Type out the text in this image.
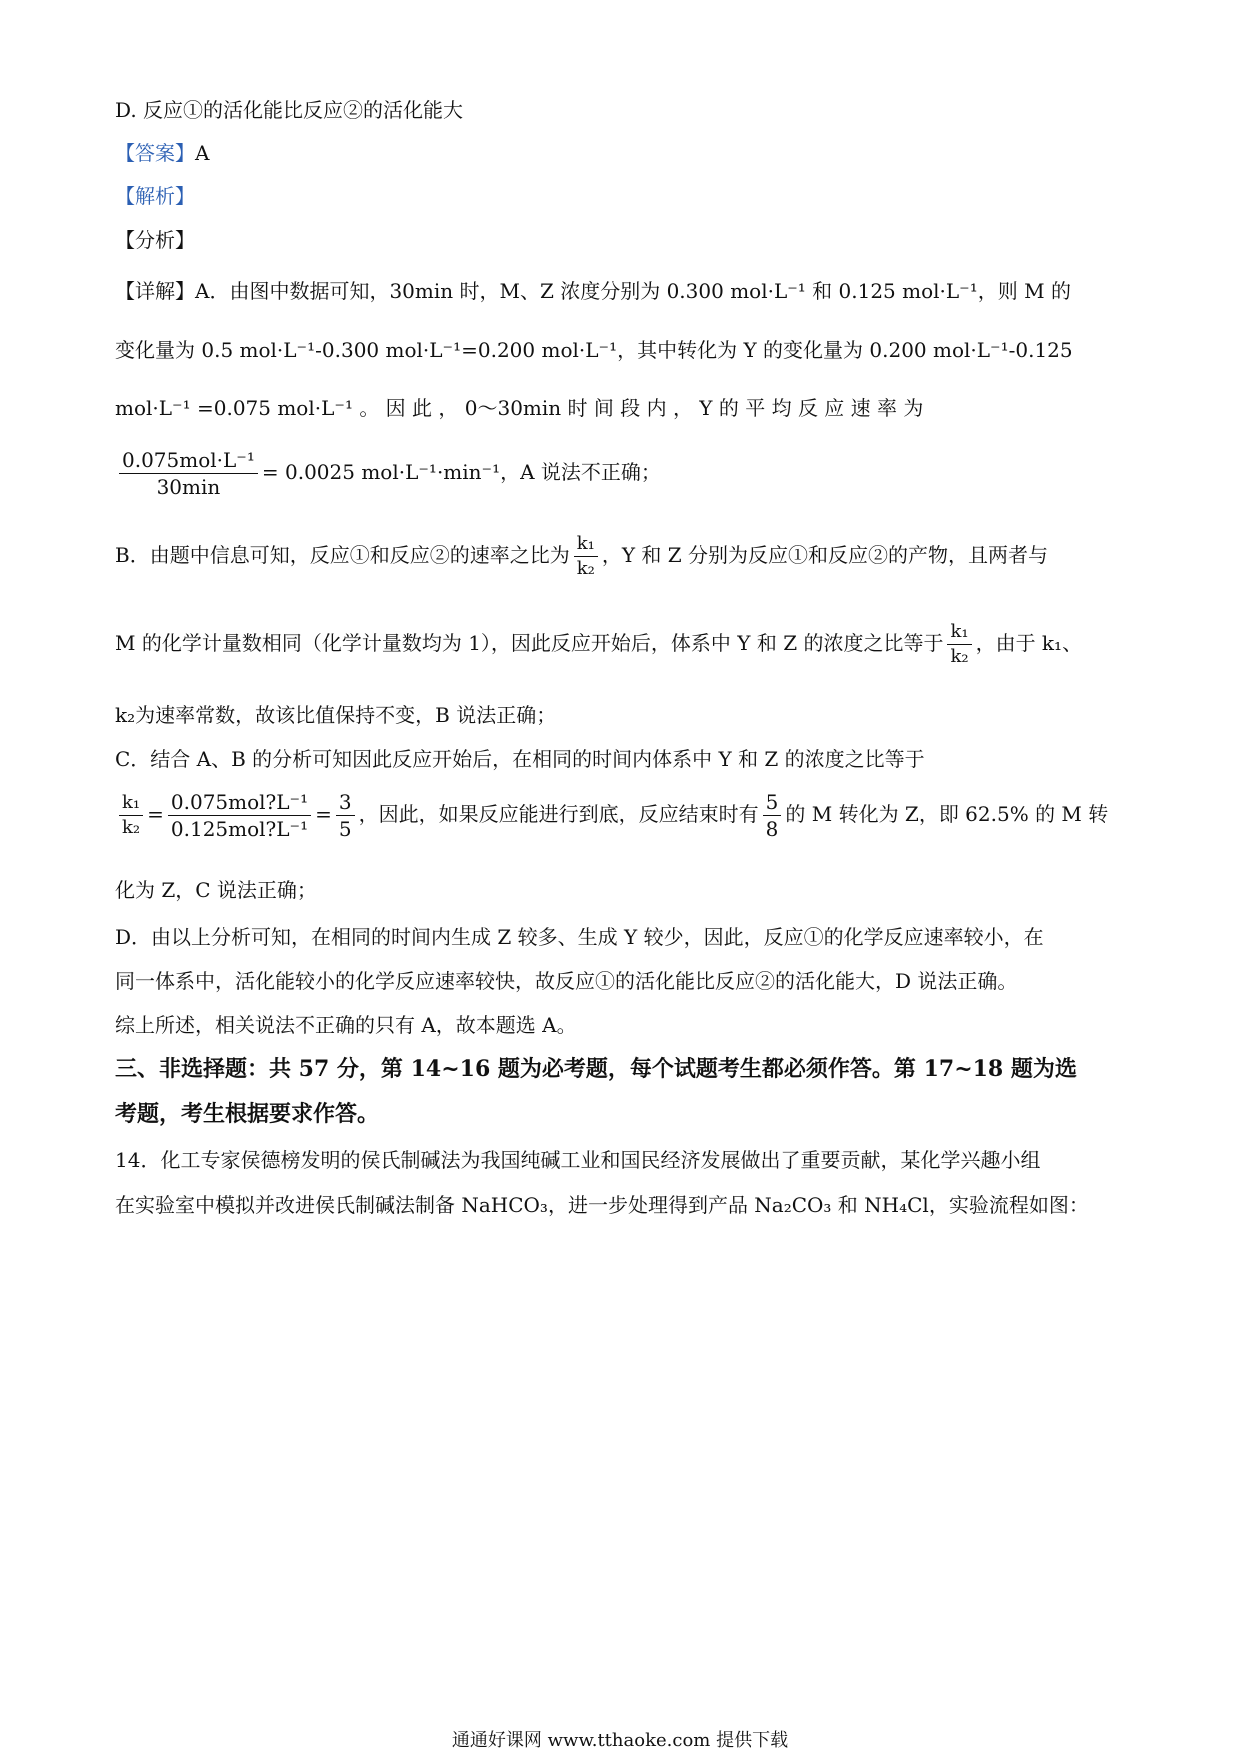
D. 反应①的活化能比反应②的活化能大
【答案】A
【解析】
【分析】
【详解】A．由图中数据可知，30min 时，M、Z 浓度分别为 0.300 mol·L⁻¹ 和 0.125 mol·L⁻¹，则 M 的
变化量为 0.5 mol·L⁻¹-0.300 mol·L⁻¹=0.200 mol·L⁻¹，其中转化为 Y 的变化量为 0.200 mol·L⁻¹-0.125
mol·L⁻¹ =0.075 mol·L⁻¹ 。 因 此 ， 0～30min 时 间 段 内 ， Y 的 平 均 反 应 速 率 为
$\frac{\text{0.075mol·L⁻¹}}{30\min} = 0.0025$ mol·L⁻¹·min⁻¹，A 说法不正确；
B．由题中信息可知，反应①和反应②的速率之比为 $\frac{\text{k₁}}{\text{k₂}}$ ，Y 和 Z 分别为反应①和反应②的产物，且两者与
M 的化学计量数相同（化学计量数均为 1），因此反应开始后，体系中 Y 和 Z 的浓度之比等于 $\frac{\text{k₁}}{\text{k₂}}$ ，由于 k₁、
k₂为速率常数，故该比值保持不变，B 说法正确；
C．结合 A、B 的分析可知因此反应开始后，在相同的时间内体系中 Y 和 Z 的浓度之比等于
$\frac{\text{k₁}}{\text{k₂}} = \frac{\text{0.075mol?L⁻¹}}{\text{0.125mol?L⁻¹}} = \frac{3}{5}$ ，因此，如果反应能进行到底，反应结束时有 $\frac{5}{8}$ 的 M 转化为 Z，即 62.5% 的 M 转
化为 Z，C 说法正确；
D．由以上分析可知，在相同的时间内生成 Z 较多、生成 Y 较少，因此，反应①的化学反应速率较小，在
同一体系中，活化能较小的化学反应速率较快，故反应①的活化能比反应②的活化能大，D 说法正确。
综上所述，相关说法不正确的只有 A，故本题选 A。
三、非选择题：共 57 分，第 14~16 题为必考题，每个试题考生都必须作答。第 17~18 题为选
考题，考生根据要求作答。
14．化工专家侯德榜发明的侯氏制碱法为我国纯碱工业和国民经济发展做出了重要贡献，某化学兴趣小组
在实验室中模拟并改进侯氏制碱法制备 NaHCO₃，进一步处理得到产品 Na₂CO₃ 和 NH₄Cl，实验流程如图：
通通好课网 www.tthaoke.com 提供下载
